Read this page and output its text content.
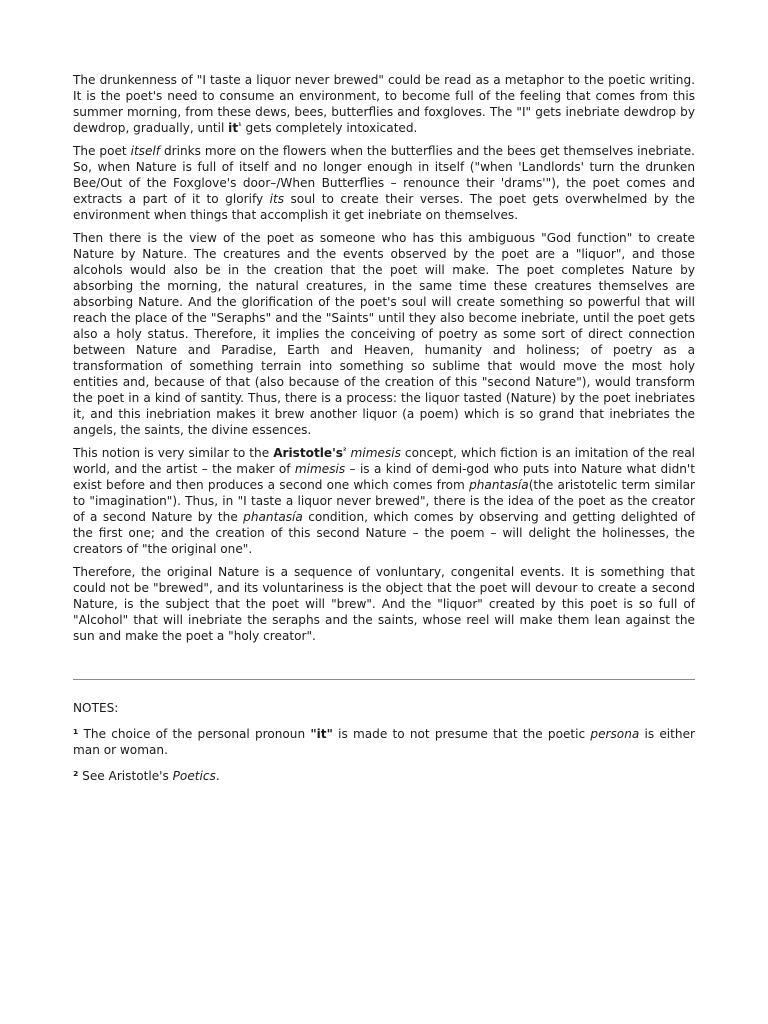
The drunkenness of "I taste a liquor never brewed" could be read as a metaphor to the poetic writing. It is the poet's need to consume an environment, to become full of the feeling that comes from this summer morning, from these dews, bees, butterflies and foxgloves. The "I" gets inebriate dewdrop by dewdrop, gradually, until $it^{^1}$ gets completely intoxicated.

The poet itself drinks more on the flowers when the butterflies and the bees get themselves inebriate. So, when Nature is full of itself and no longer enough in itself ("when 'Landlords' turn the drunken Bee/Out of the Foxglove's door–/When Butterflies – renounce their 'drams'"), the poet comes and extracts a part of it to glorify its soul to create their verses. The poet gets overwhelmed by the environment when things that accomplish it get inebriate on themselves.

Then there is the view of the poet as someone who has this ambiguous "God function" to create Nature by Nature. The creatures and the events observed by the poet are a "liquor", and those alcohols would also be in the creation that the poet will make. The poet completes Nature by absorbing the morning, the natural creatures, in the same time these creatures themselves are absorbing Nature. And the glorification of the poet's soul will create something so powerful that will reach the place of the "Seraphs" and the "Saints" until they also become inebriate, until the poet gets also a holy status. Therefore, it implies the conceiving of poetry as some sort of direct connection between Nature and Paradise, Earth and Heaven, humanity and holiness; of poetry as a transformation of something terrain into something so sublime that would move the most holy entities and, because of that (also because of the creation of this "second Nature"), would transform the poet in a kind of santity. Thus, there is a process: the liquor tasted (Nature) by the poet inebriates it, and this inebriation makes it brew another liquor (a poem) which is so grand that inebriates the angels, the saints, the divine essences.

This notion is very similar to the $Aristotle's^{^2}$ mimesis concept, which fiction is an imitation of the real world, and the artist – the maker of mimesis – is a kind of demi-god who puts into Nature what didn't exist before and then produces a second one which comes from phantasía(the aristotelic term similar to "imagination"). Thus, in "I taste a liquor never brewed", there is the idea of the poet as the creator of a second Nature by the phantasía condition, which comes by observing and getting delighted of the first one; and the creation of this second Nature – the poem – will delight the holinesses, the creators of "the original one".

Therefore, the original Nature is a sequence of vonluntary, congenital events. It is something that could not be "brewed", and its voluntariness is the object that the poet will devour to create a second Nature, is the subject that the poet will "brew". And the "liquor" created by this poet is so full of "Alcohol" that will inebriate the seraphs and the saints, whose reel will make them lean against the sun and make the poet a "holy creator".

NOTES:

¹ The choice of the personal pronoun "it" is made to not presume that the poetic persona is either man or woman.

² See Aristotle's Poetics.
